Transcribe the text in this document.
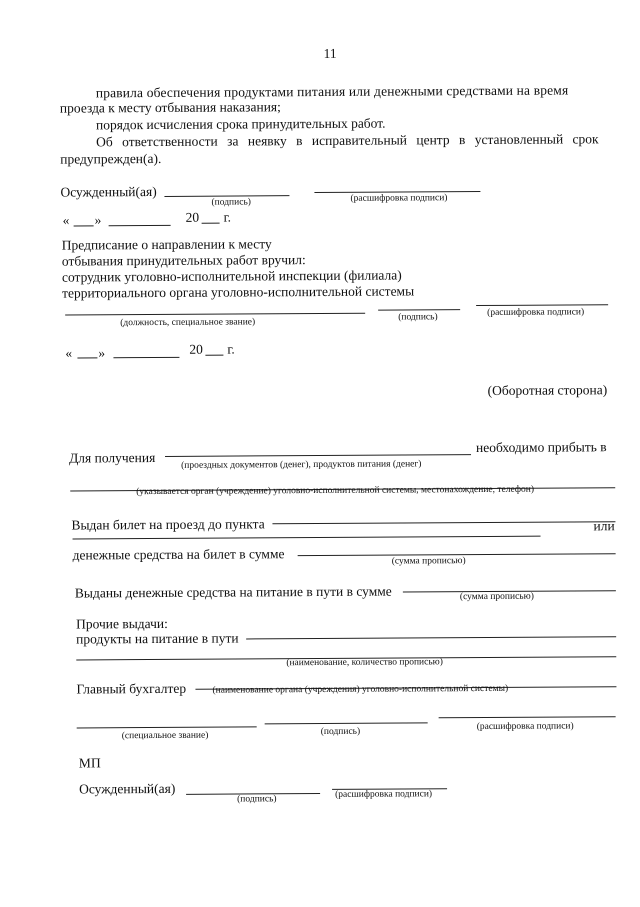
11
правила обеспечения продуктами питания или денежными средствами на время
проезда к месту отбывания наказания;
порядок исчисления срока принудительных работ.
Об ответственности за неявку в исправительный центр в установленный срок
предупрежден(а).
Осужденный(ая)
(подпись)	(расшифровка подписи)
« »	20 г.
Предписание о направлении к месту
отбывания принудительных работ вручил:
сотрудник уголовно-исполнительной инспекции (филиала)
территориального органа уголовно-исполнительной системы
(должность, специальное звание)	(подпись)	(расшифровка подписи)
« »	20 г.
(Оборотная сторона)
Для получения
необходимо прибыть в
(проездных документов (денег), продуктов питания (денег)
(указывается орган (учреждение) уголовно-исполнительной системы, местонахождение, телефон)
Выдан билет на проезд до пункта	или
денежные средства на билет в сумме	(сумма прописью)
Выданы денежные средства на питание в пути в сумме	(сумма прописью)
Прочие выдачи:
продукты на питание в пути
(наименование, количество прописью)
Главный бухгалтер	(наименование органа (учреждения) уголовно-исполнительной системы)
(специальное звание)	(подпись)	(расшифровка подписи)
МП
Осужденный(ая)
(подпись)	(расшифровка подписи)
